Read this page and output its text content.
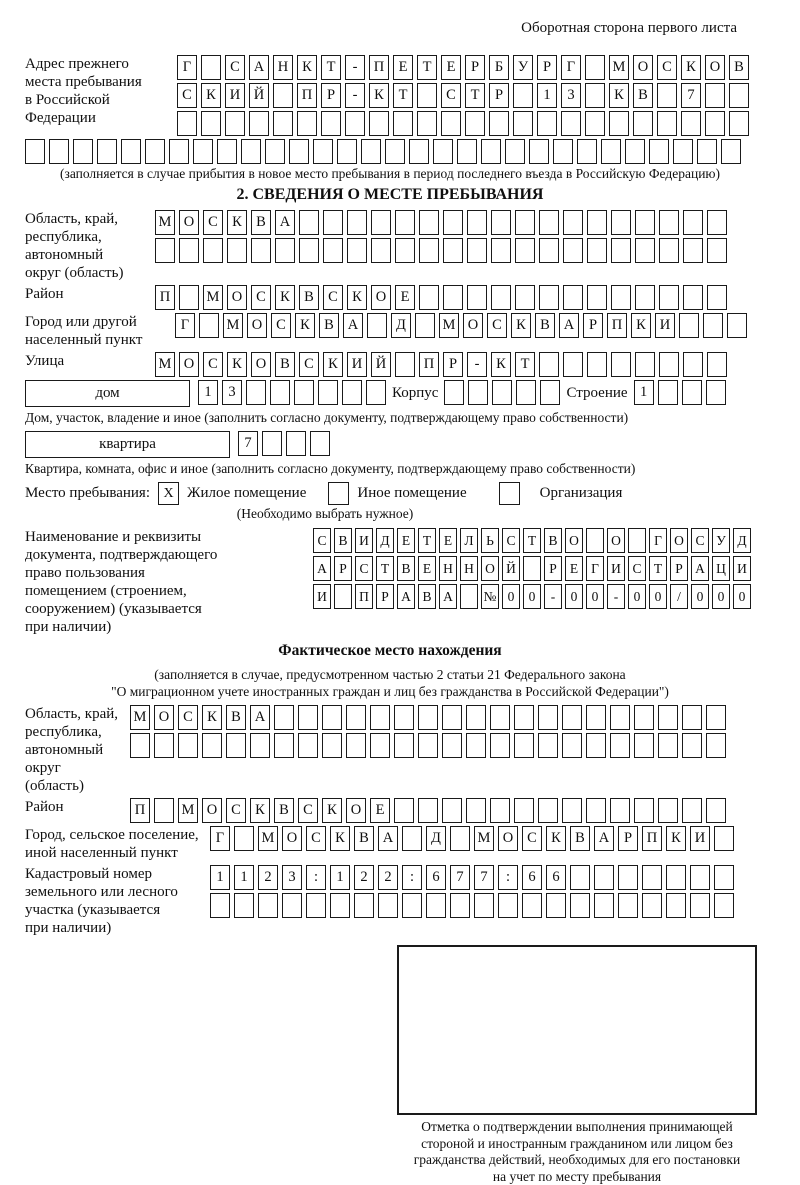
Оборотная сторона первого листа
Адрес прежнего
места пребывания
в Российской
Федерации
Г	С А Н К	Т	-	П Е	Т	Е	Р	Б	У	Р	Г	М О С К О В
С К И Й	П	Р	-	К	Т	С	Т	Р	1	3	К В	7
(заполняется в случае прибытия в новое место пребывания в период последнего въезда в Российскую Федерацию)
2. СВЕДЕНИЯ О МЕСТЕ ПРЕБЫВАНИЯ
Область, край,
республика,
автономный
округ (область)
М О С К В А
Район	П	М О С К В С К О Е
Город или другой
населенный пункт
Г	М О С К В А	Д	М О С К В А	Р	П К И
Улица	М О С К О В С К И Й	П	Р	-	К	Т
дом	1	3	Корпус	Строение 1
Дом, участок, владение и иное (заполнить согласно документу, подтверждающему право собственности)
квартира	7
Квартира, комната, офис и иное (заполнить согласно документу, подтверждающему право собственности)
Место пребывания: X Жилое помещение	Иное помещение	Организация
(Необходимо выбрать нужное)
Наименование и реквизиты
документа, подтверждающего
право пользования
помещением (строением,
сооружением) (указывается
при наличии)
С В И Д Е Т Е Л Ь С Т В О	О	Г О С У Д
А Р С Т В Е Н Н О Й	Р Е Г И С Т Р А Ц И
И	П Р А В А	№ 0	0	-	0	0	-	0	0	/	0	0	0
Фактическое место нахождения
(заполняется в случае, предусмотренном частью 2 статьи 21 Федерального закона
"О миграционном учете иностранных граждан и лиц без гражданства в Российской Федерации")
Область, край,
республика,
автономный округ
(область)
М О С К В А
Район	П	М О С К В С К О Е
Город, сельское поселение,
иной населенный пункт
Г	М О С К В А	Д	М О С К В А	Р	П К И
Кадастровый номер
земельного или лесного
участка (указывается
при наличии)
1	1	2	3	:	1	2	2	:	6	7	7	:	6	6
Отметка о подтверждении выполнения принимающей
стороной и иностранным гражданином или лицом без
гражданства действий, необходимых для его постановки
на учет по месту пребывания
